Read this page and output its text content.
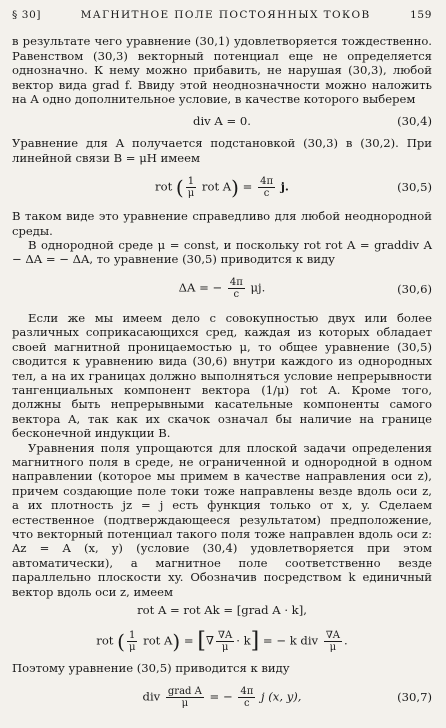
§ 30]	МАГНИТНОЕ ПОЛЕ ПОСТОЯННЫХ ТОКОВ	159

в результате чего уравнение (30,1) удовлетворяется тождественно. Равенством (30,3) векторный потенциал еще не определяется однозначно. К нему можно прибавить, не нарушая (30,3), любой вектор вида grad f. Ввиду этой неоднозначности можно наложить на A одно дополнительное условие, в качестве которого выберем

div A = 0.	(30,4)

Уравнение для A получается подстановкой (30,3) в (30,2). При линейной связи B = μH имеем

rot ( $\frac{1}{\mu}$ rot $A) = \frac{4\pi}{c} j$.	(30,5)

В таком виде это уравнение справедливо для любой неоднородной среды.

В однородной среде μ = const, и поскольку rot rot A = graddiv A − ΔA = − ΔA, то уравнение (30,5) приводится к виду

ΔA = − $\frac{4\pi}{c} \mu j$.	(30,6)

Если же мы имеем дело с совокупностью двух или более различных соприкасающихся сред, каждая из которых обладает своей магнитной проницаемостью μ, то общее уравнение (30,5) сводится к уравнению вида (30,6) внутри каждого из однородных тел, а на их границах должно выполняться условие непрерывности тангенциальных компонент вектора (1/μ) rot A. Кроме того, должны быть непрерывными касательные компоненты самого вектора A, так как их скачок означал бы наличие на границе бесконечной индукции B.

Уравнения поля упрощаются для плоской задачи определения магнитного поля в среде, не ограниченной и однородной в одном направлении (которое мы примем в качестве направления оси z), причем создающие поле токи тоже направлены везде вдоль оси z, а их плотность jz = j есть функция только от x, y. Сделаем естественное (подтверждающееся результатом) предположение, что векторный потенциал такого поля тоже направлен вдоль оси z: Az = A (x, y) (условие (30,4) удовлетворяется при этом автоматически), а магнитное поле соответственно везде параллельно плоскости xy. Обозначив посредством k единичный вектор вдоль оси z, имеем

rot A = rot Ak = [grad A · k],
rot ( $\frac{1}{\mu}$ rot A) = [∇ $\frac{\nabla A}{\mu} \cdot k$] = − k div $\frac{\nabla A}{\mu}$ .

Поэтому уравнение (30,5) приводится к виду

div $\frac{\text{grad A}}{\mu}$ = − $\frac{4\pi}{c}$ j (x, y),	(30,7)
